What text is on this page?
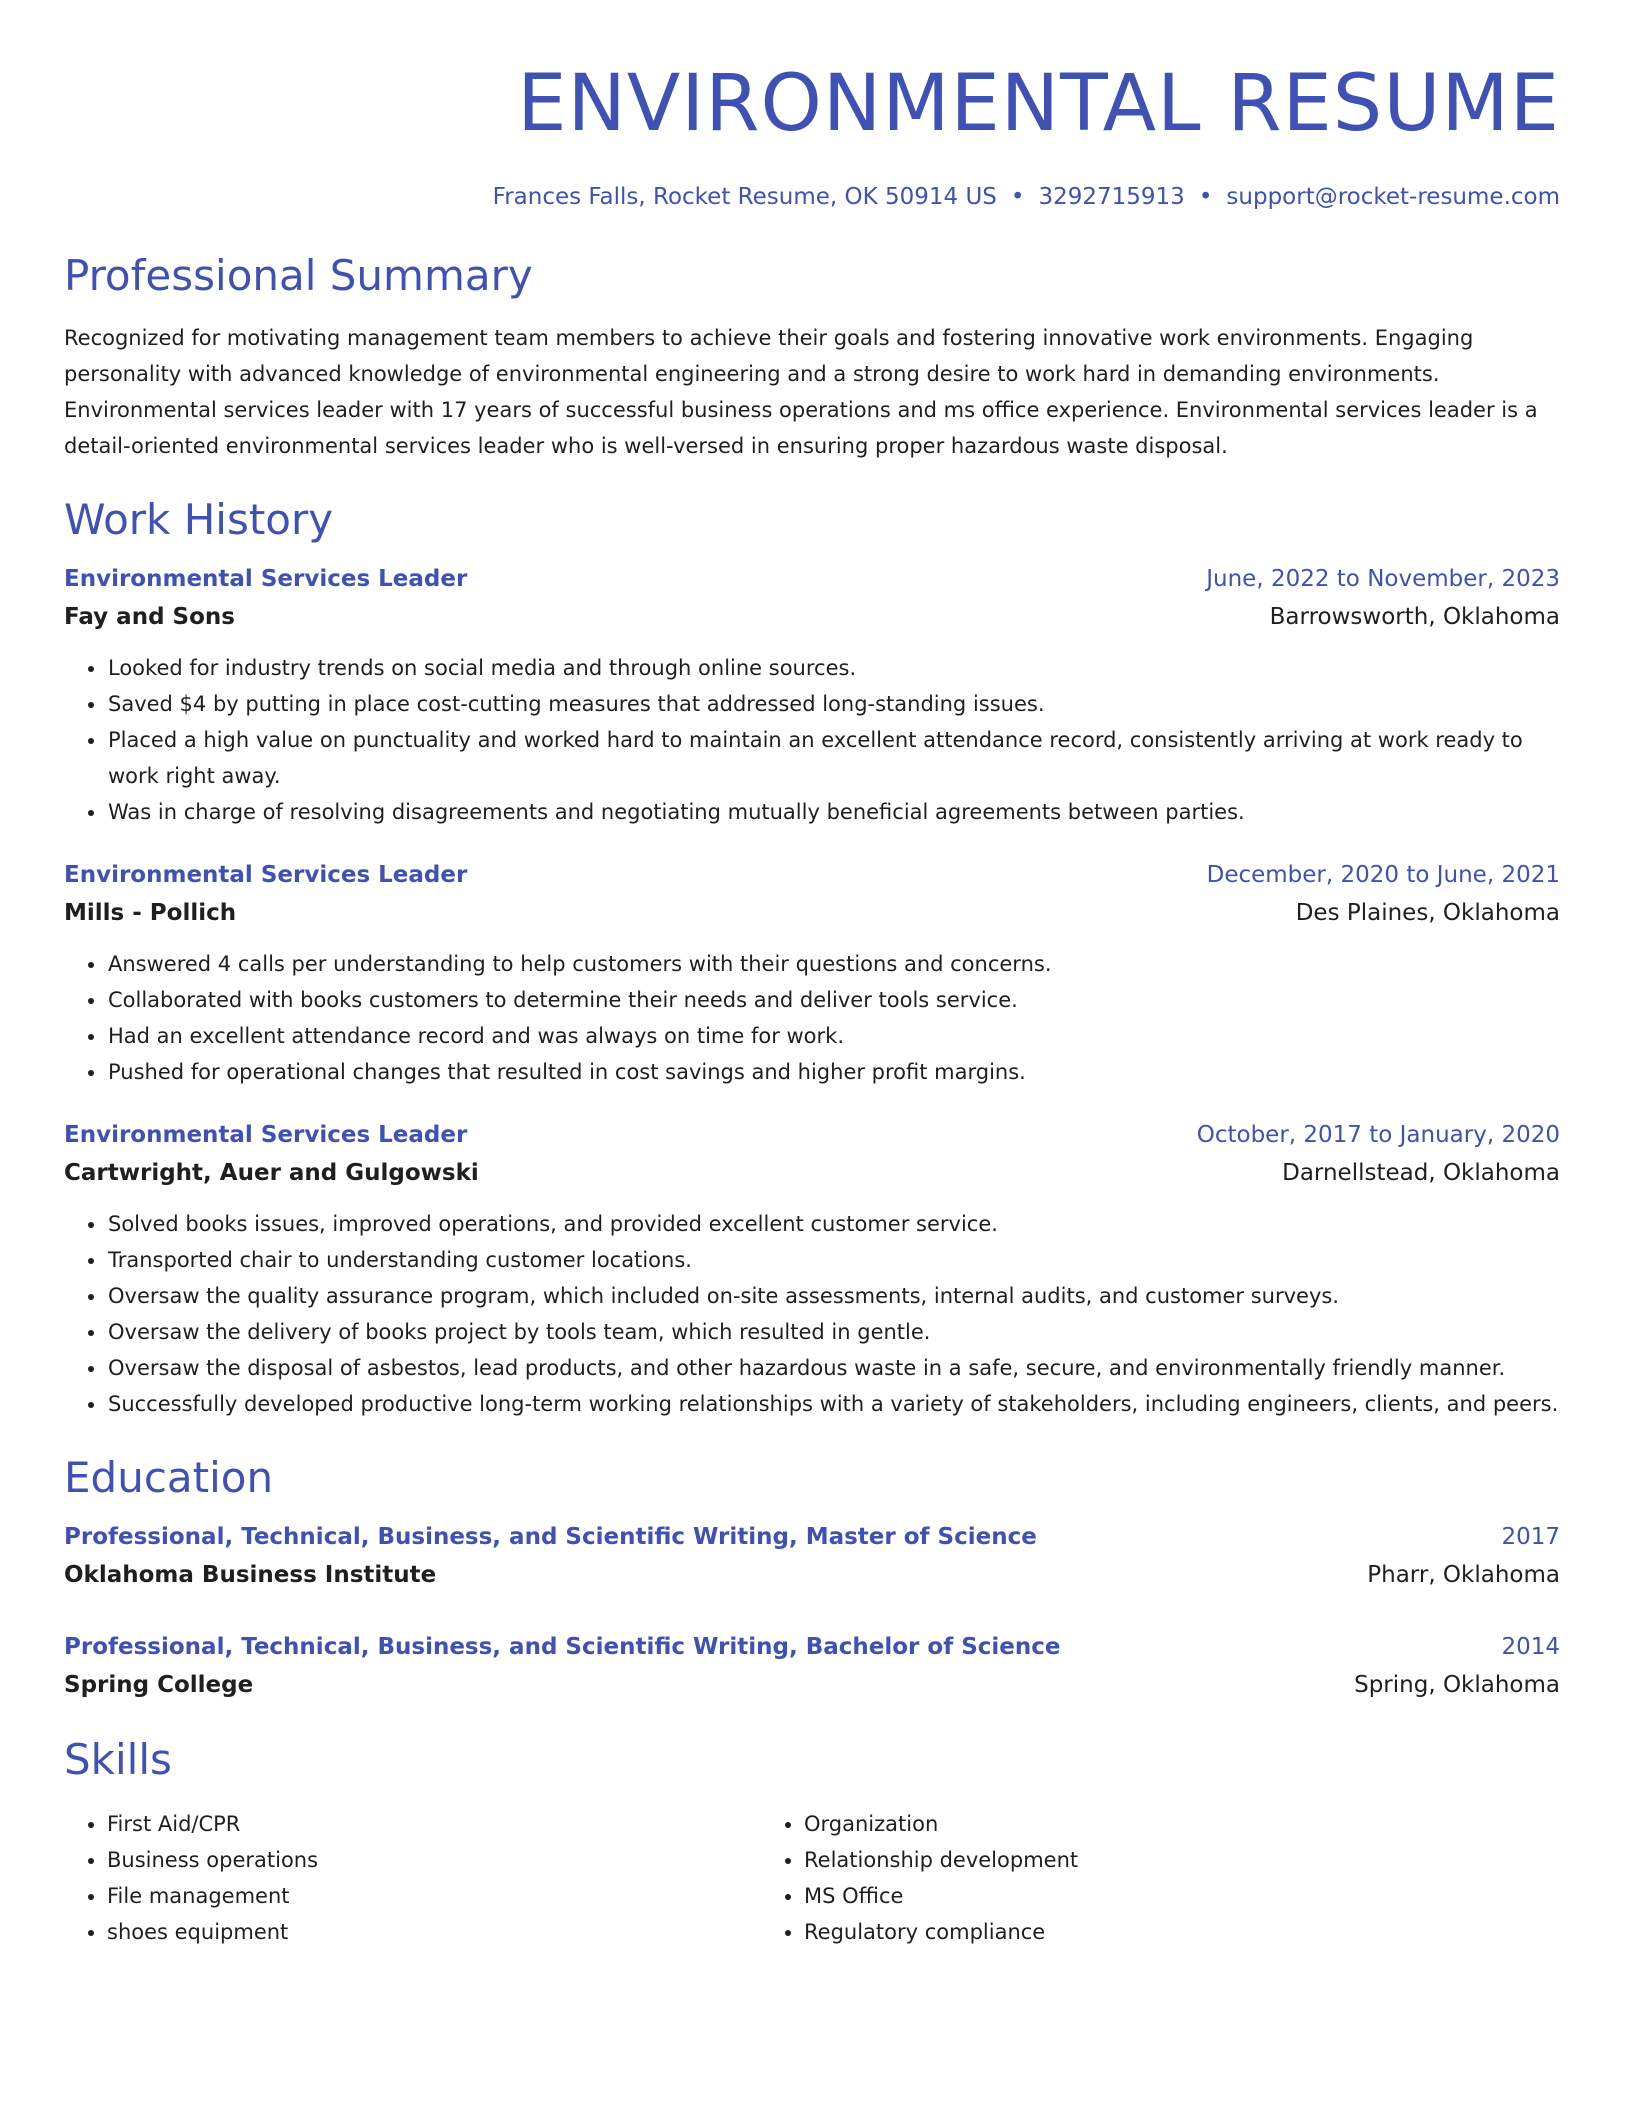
ENVIRONMENTAL RESUME
Frances Falls, Rocket Resume, OK 50914 US • 3292715913 • support@rocket-resume.com
Professional Summary
Recognized for motivating management team members to achieve their goals and fostering innovative work environments. Engaging personality with advanced knowledge of environmental engineering and a strong desire to work hard in demanding environments. Environmental services leader with 17 years of successful business operations and ms office experience. Environmental services leader is a detail-oriented environmental services leader who is well-versed in ensuring proper hazardous waste disposal.
Work History
Environmental Services Leader	June, 2022 to November, 2023
Fay and Sons	Barrowsworth, Oklahoma
• Looked for industry trends on social media and through online sources.
• Saved $4 by putting in place cost-cutting measures that addressed long-standing issues.
• Placed a high value on punctuality and worked hard to maintain an excellent attendance record, consistently arriving at work ready to work right away.
• Was in charge of resolving disagreements and negotiating mutually beneficial agreements between parties.
Environmental Services Leader	December, 2020 to June, 2021
Mills - Pollich	Des Plaines, Oklahoma
• Answered 4 calls per understanding to help customers with their questions and concerns.
• Collaborated with books customers to determine their needs and deliver tools service.
• Had an excellent attendance record and was always on time for work.
• Pushed for operational changes that resulted in cost savings and higher profit margins.
Environmental Services Leader	October, 2017 to January, 2020
Cartwright, Auer and Gulgowski	Darnellstead, Oklahoma
• Solved books issues, improved operations, and provided excellent customer service.
• Transported chair to understanding customer locations.
• Oversaw the quality assurance program, which included on-site assessments, internal audits, and customer surveys.
• Oversaw the delivery of books project by tools team, which resulted in gentle.
• Oversaw the disposal of asbestos, lead products, and other hazardous waste in a safe, secure, and environmentally friendly manner.
• Successfully developed productive long-term working relationships with a variety of stakeholders, including engineers, clients, and peers.
Education
Professional, Technical, Business, and Scientific Writing, Master of Science	2017
Oklahoma Business Institute	Pharr, Oklahoma
Professional, Technical, Business, and Scientific Writing, Bachelor of Science	2014
Spring College	Spring, Oklahoma
Skills
• First Aid/CPR
• Business operations
• File management
• shoes equipment
• Organization
• Relationship development
• MS Office
• Regulatory compliance
